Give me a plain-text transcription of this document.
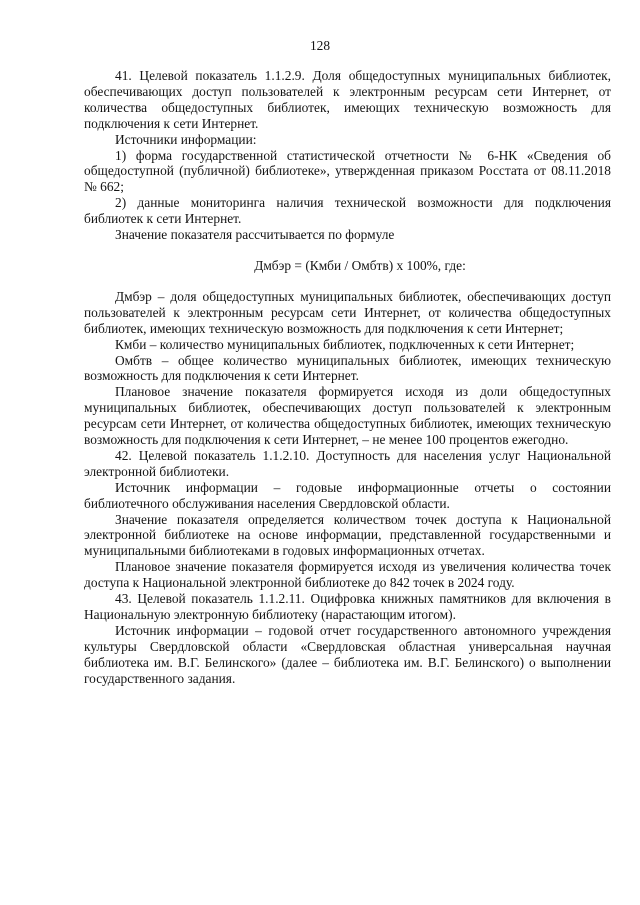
128

41. Целевой показатель 1.1.2.9. Доля общедоступных муниципальных библиотек, обеспечивающих доступ пользователей к электронным ресурсам сети Интернет, от количества общедоступных библиотек, имеющих техническую возможность для подключения к сети Интернет.

Источники информации:

1) форма государственной статистической отчетности № 6-НК «Сведения об общедоступной (публичной) библиотеке», утвержденная приказом Росстата от 08.11.2018 № 662;

2) данные мониторинга наличия технической возможности для подключения библиотек к сети Интернет.

Значение показателя рассчитывается по формуле

Дмбэр = (Кмби / Омбтв) x 100%, где:

Дмбэр – доля общедоступных муниципальных библиотек, обеспечивающих доступ пользователей к электронным ресурсам сети Интернет, от количества общедоступных библиотек, имеющих техническую возможность для подключения к сети Интернет;

Кмби – количество муниципальных библиотек, подключенных к сети Интернет;

Омбтв – общее количество муниципальных библиотек, имеющих техническую возможность для подключения к сети Интернет.

Плановое значение показателя формируется исходя из доли общедоступных муниципальных библиотек, обеспечивающих доступ пользователей к электронным ресурсам сети Интернет, от количества общедоступных библиотек, имеющих техническую возможность для подключения к сети Интернет, – не менее 100 процентов ежегодно.

42. Целевой показатель 1.1.2.10. Доступность для населения услуг Национальной электронной библиотеки.

Источник информации – годовые информационные отчеты о состоянии библиотечного обслуживания населения Свердловской области.

Значение показателя определяется количеством точек доступа к Национальной электронной библиотеке на основе информации, представленной государственными и муниципальными библиотеками в годовых информационных отчетах.

Плановое значение показателя формируется исходя из увеличения количества точек доступа к Национальной электронной библиотеке до 842 точек в 2024 году.

43. Целевой показатель 1.1.2.11. Оцифровка книжных памятников для включения в Национальную электронную библиотеку (нарастающим итогом).

Источник информации – годовой отчет государственного автономного учреждения культуры Свердловской области «Свердловская областная универсальная научная библиотека им. В.Г. Белинского» (далее – библиотека им. В.Г. Белинского) о выполнении государственного задания.
